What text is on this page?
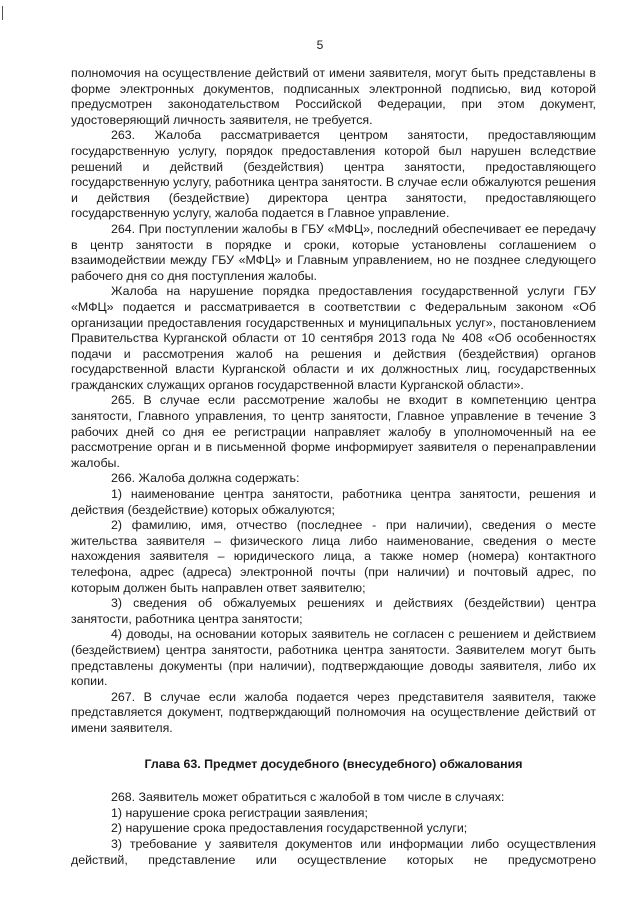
5
полномочия на осуществление действий от имени заявителя, могут быть представлены в форме электронных документов, подписанных электронной подписью, вид которой предусмотрен законодательством Российской Федерации, при этом документ, удостоверяющий личность заявителя, не требуется.
263. Жалоба рассматривается центром занятости, предоставляющим государственную услугу, порядок предоставления которой был нарушен вследствие решений и действий (бездействия) центра занятости, предоставляющего государственную услугу, работника центра занятости. В случае если обжалуются решения и действия (бездействие) директора центра занятости, предоставляющего государственную услугу, жалоба подается в Главное управление.
264. При поступлении жалобы в ГБУ «МФЦ», последний обеспечивает ее передачу в центр занятости в порядке и сроки, которые установлены соглашением о взаимодействии между ГБУ «МФЦ» и Главным управлением, но не позднее следующего рабочего дня со дня поступления жалобы.
Жалоба на нарушение порядка предоставления государственной услуги ГБУ «МФЦ» подается и рассматривается в соответствии с Федеральным законом «Об организации предоставления государственных и муниципальных услуг», постановлением Правительства Курганской области от 10 сентября 2013 года № 408 «Об особенностях подачи и рассмотрения жалоб на решения и действия (бездействия) органов государственной власти Курганской области и их должностных лиц, государственных гражданских служащих органов государственной власти Курганской области».
265. В случае если рассмотрение жалобы не входит в компетенцию центра занятости, Главного управления, то центр занятости, Главное управление в течение 3 рабочих дней со дня ее регистрации направляет жалобу в уполномоченный на ее рассмотрение орган и в письменной форме информирует заявителя о перенаправлении жалобы.
266. Жалоба должна содержать:
1) наименование центра занятости, работника центра занятости, решения и действия (бездействие) которых обжалуются;
2) фамилию, имя, отчество (последнее - при наличии), сведения о месте жительства заявителя – физического лица либо наименование, сведения о месте нахождения заявителя – юридического лица, а также номер (номера) контактного телефона, адрес (адреса) электронной почты (при наличии) и почтовый адрес, по которым должен быть направлен ответ заявителю;
3) сведения об обжалуемых решениях и действиях (бездействии) центра занятости, работника центра занятости;
4) доводы, на основании которых заявитель не согласен с решением и действием (бездействием) центра занятости, работника центра занятости. Заявителем могут быть представлены документы (при наличии), подтверждающие доводы заявителя, либо их копии.
267. В случае если жалоба подается через представителя заявителя, также представляется документ, подтверждающий полномочия на осуществление действий от имени заявителя.
Глава 63. Предмет досудебного (внесудебного) обжалования
268. Заявитель может обратиться с жалобой в том числе в случаях:
1) нарушение срока регистрации заявления;
2) нарушение срока предоставления государственной услуги;
3) требование у заявителя документов или информации либо осуществления действий, представление или осуществление которых не предусмотрено
